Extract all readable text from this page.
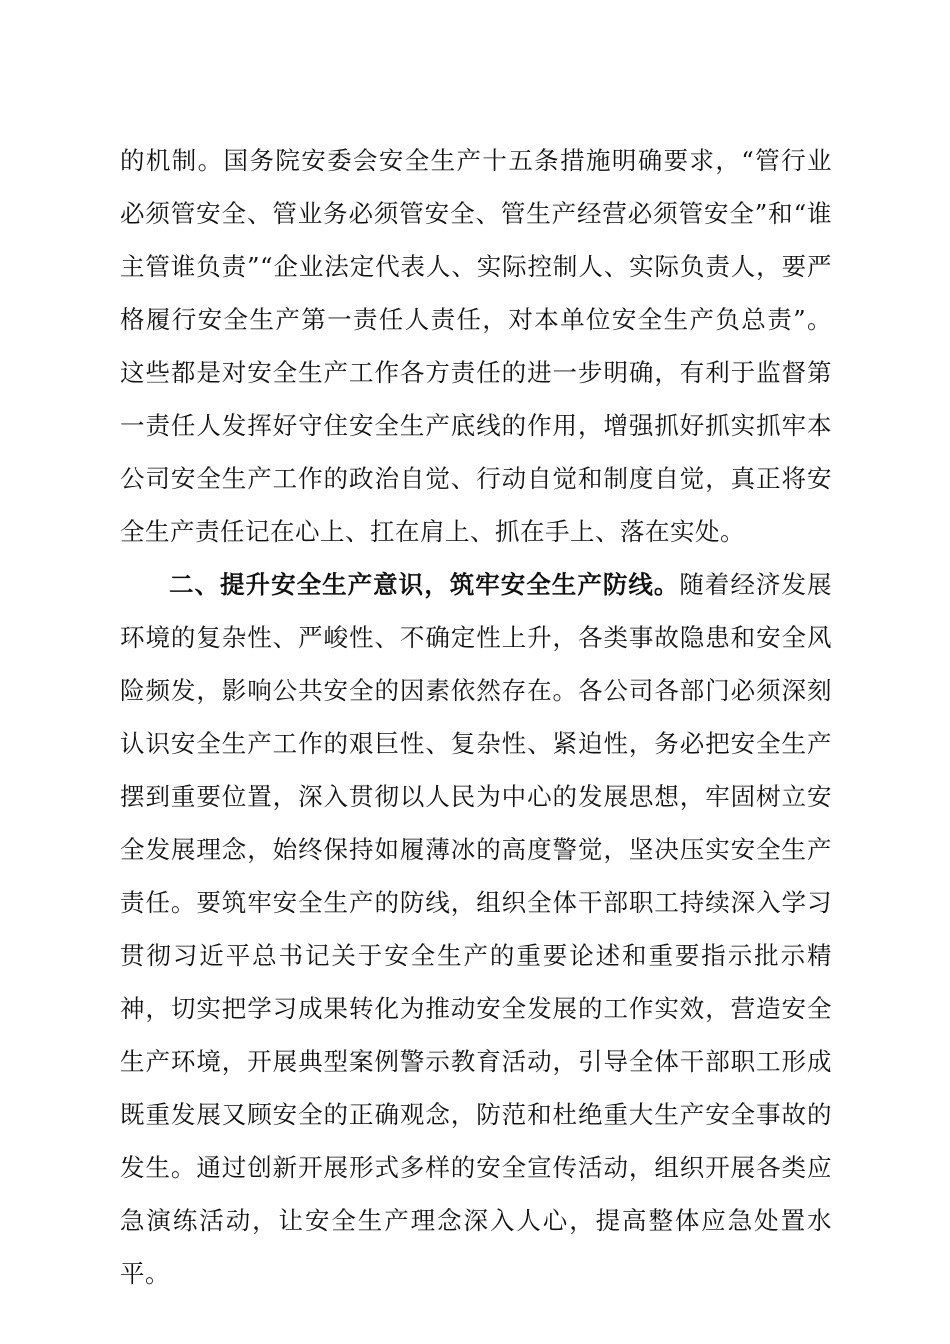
的机制。国务院安委会安全生产十五条措施明确要求，“管行业必须管安全、管业务必须管安全、管生产经营必须管安全”和“谁主管谁负责”“企业法定代表人、实际控制人、实际负责人，要严格履行安全生产第一责任人责任，对本单位安全生产负总责”。这些都是对安全生产工作各方责任的进一步明确，有利于监督第一责任人发挥好守住安全生产底线的作用，增强抓好抓实抓牢本公司安全生产工作的政治自觉、行动自觉和制度自觉，真正将安全生产责任记在心上、扛在肩上、抓在手上、落在实处。

二、提升安全生产意识，筑牢安全生产防线。随着经济发展环境的复杂性、严峻性、不确定性上升，各类事故隐患和安全风险频发，影响公共安全的因素依然存在。各公司各部门必须深刻认识安全生产工作的艰巨性、复杂性、紧迫性，务必把安全生产摆到重要位置，深入贯彻以人民为中心的发展思想，牢固树立安全发展理念，始终保持如履薄冰的高度警觉，坚决压实安全生产责任。要筑牢安全生产的防线，组织全体干部职工持续深入学习贯彻习近平总书记关于安全生产的重要论述和重要指示批示精神，切实把学习成果转化为推动安全发展的工作实效，营造安全生产环境，开展典型案例警示教育活动，引导全体干部职工形成既重发展又顾安全的正确观念，防范和杜绝重大生产安全事故的发生。通过创新开展形式多样的安全宣传活动，组织开展各类应急演练活动，让安全生产理念深入人心，提高整体应急处置水平。
